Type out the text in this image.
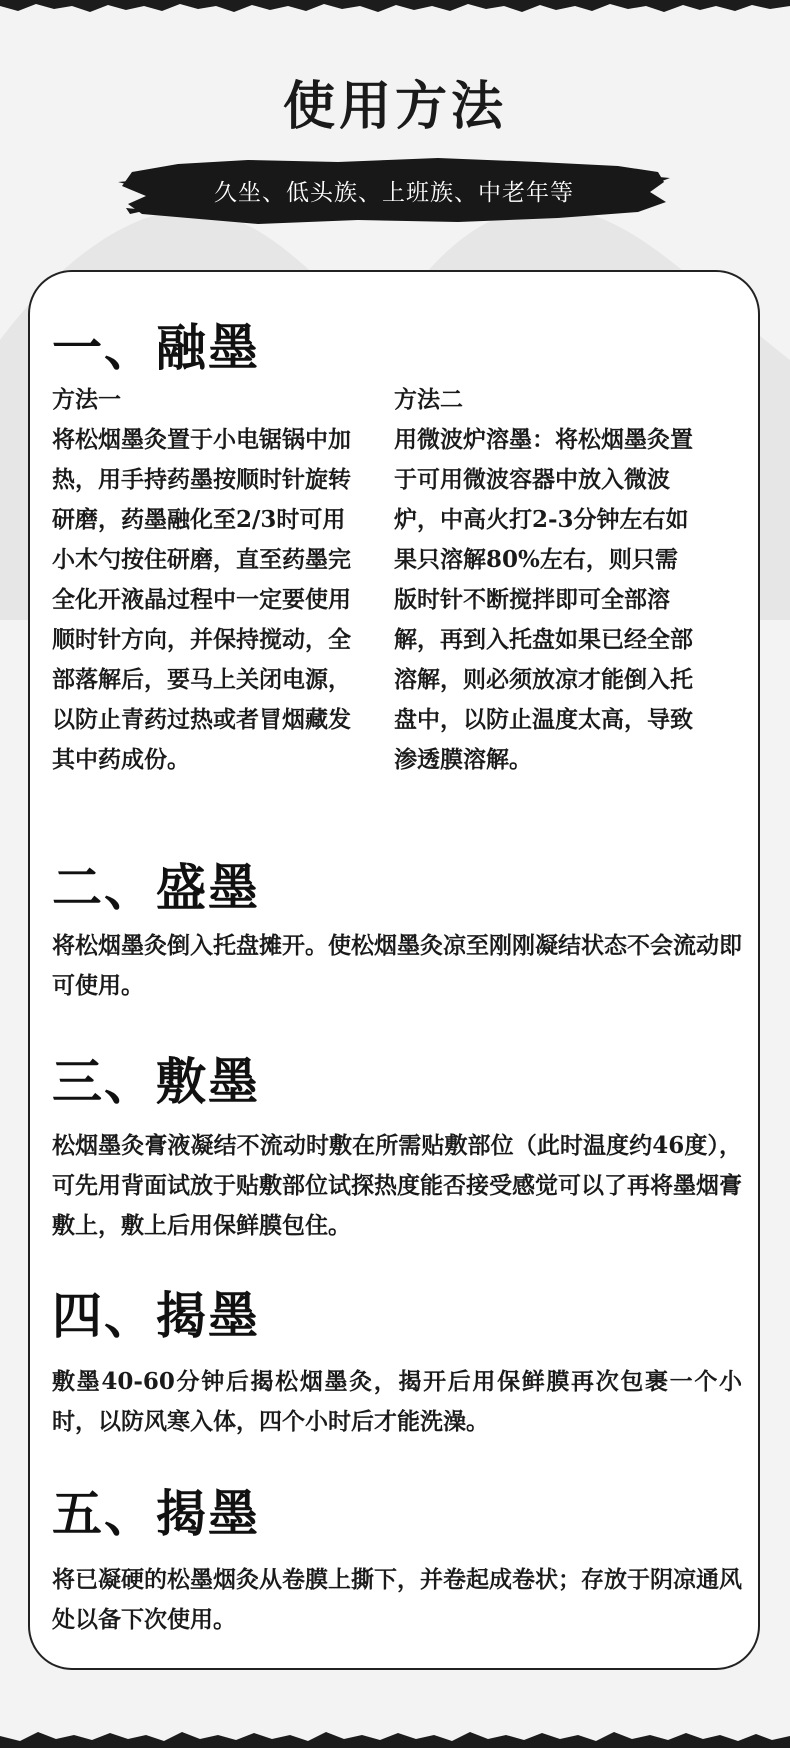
使用方法
久坐、低头族、上班族、中老年等
一、融墨
方法一
将松烟墨灸置于小电锯锅中加热，用手持药墨按顺时针旋转研磨，药墨融化至2/3时可用小木勺按住研磨，直至药墨完全化开液晶过程中一定要使用顺时针方向，并保持搅动，全部落解后，要马上关闭电源，以防止青药过热或者冒烟藏发其中药成份。
方法二
用微波炉溶墨：将松烟墨灸置于可用微波容器中放入微波炉，中高火打2-3分钟左右如果只溶解80%左右，则只需版时针不断搅拌即可全部溶解，再到入托盘如果已经全部溶解，则必须放凉才能倒入托盘中，以防止温度太高，导致渗透膜溶解。
二、盛墨
将松烟墨灸倒入托盘摊开。使松烟墨灸凉至刚刚凝结状态不会流动即可使用。
三、敷墨
松烟墨灸膏液凝结不流动时敷在所需贴敷部位（此时温度约46度），可先用背面试放于贴敷部位试探热度能否接受感觉可以了再将墨烟膏敷上，敷上后用保鲜膜包住。
四、揭墨
敷墨40-60分钟后揭松烟墨灸，揭开后用保鲜膜再次包裹一个小时，以防风寒入体，四个小时后才能洗澡。
五、揭墨
将已凝硬的松墨烟灸从卷膜上撕下，并卷起成卷状；存放于阴凉通风处以备下次使用。
